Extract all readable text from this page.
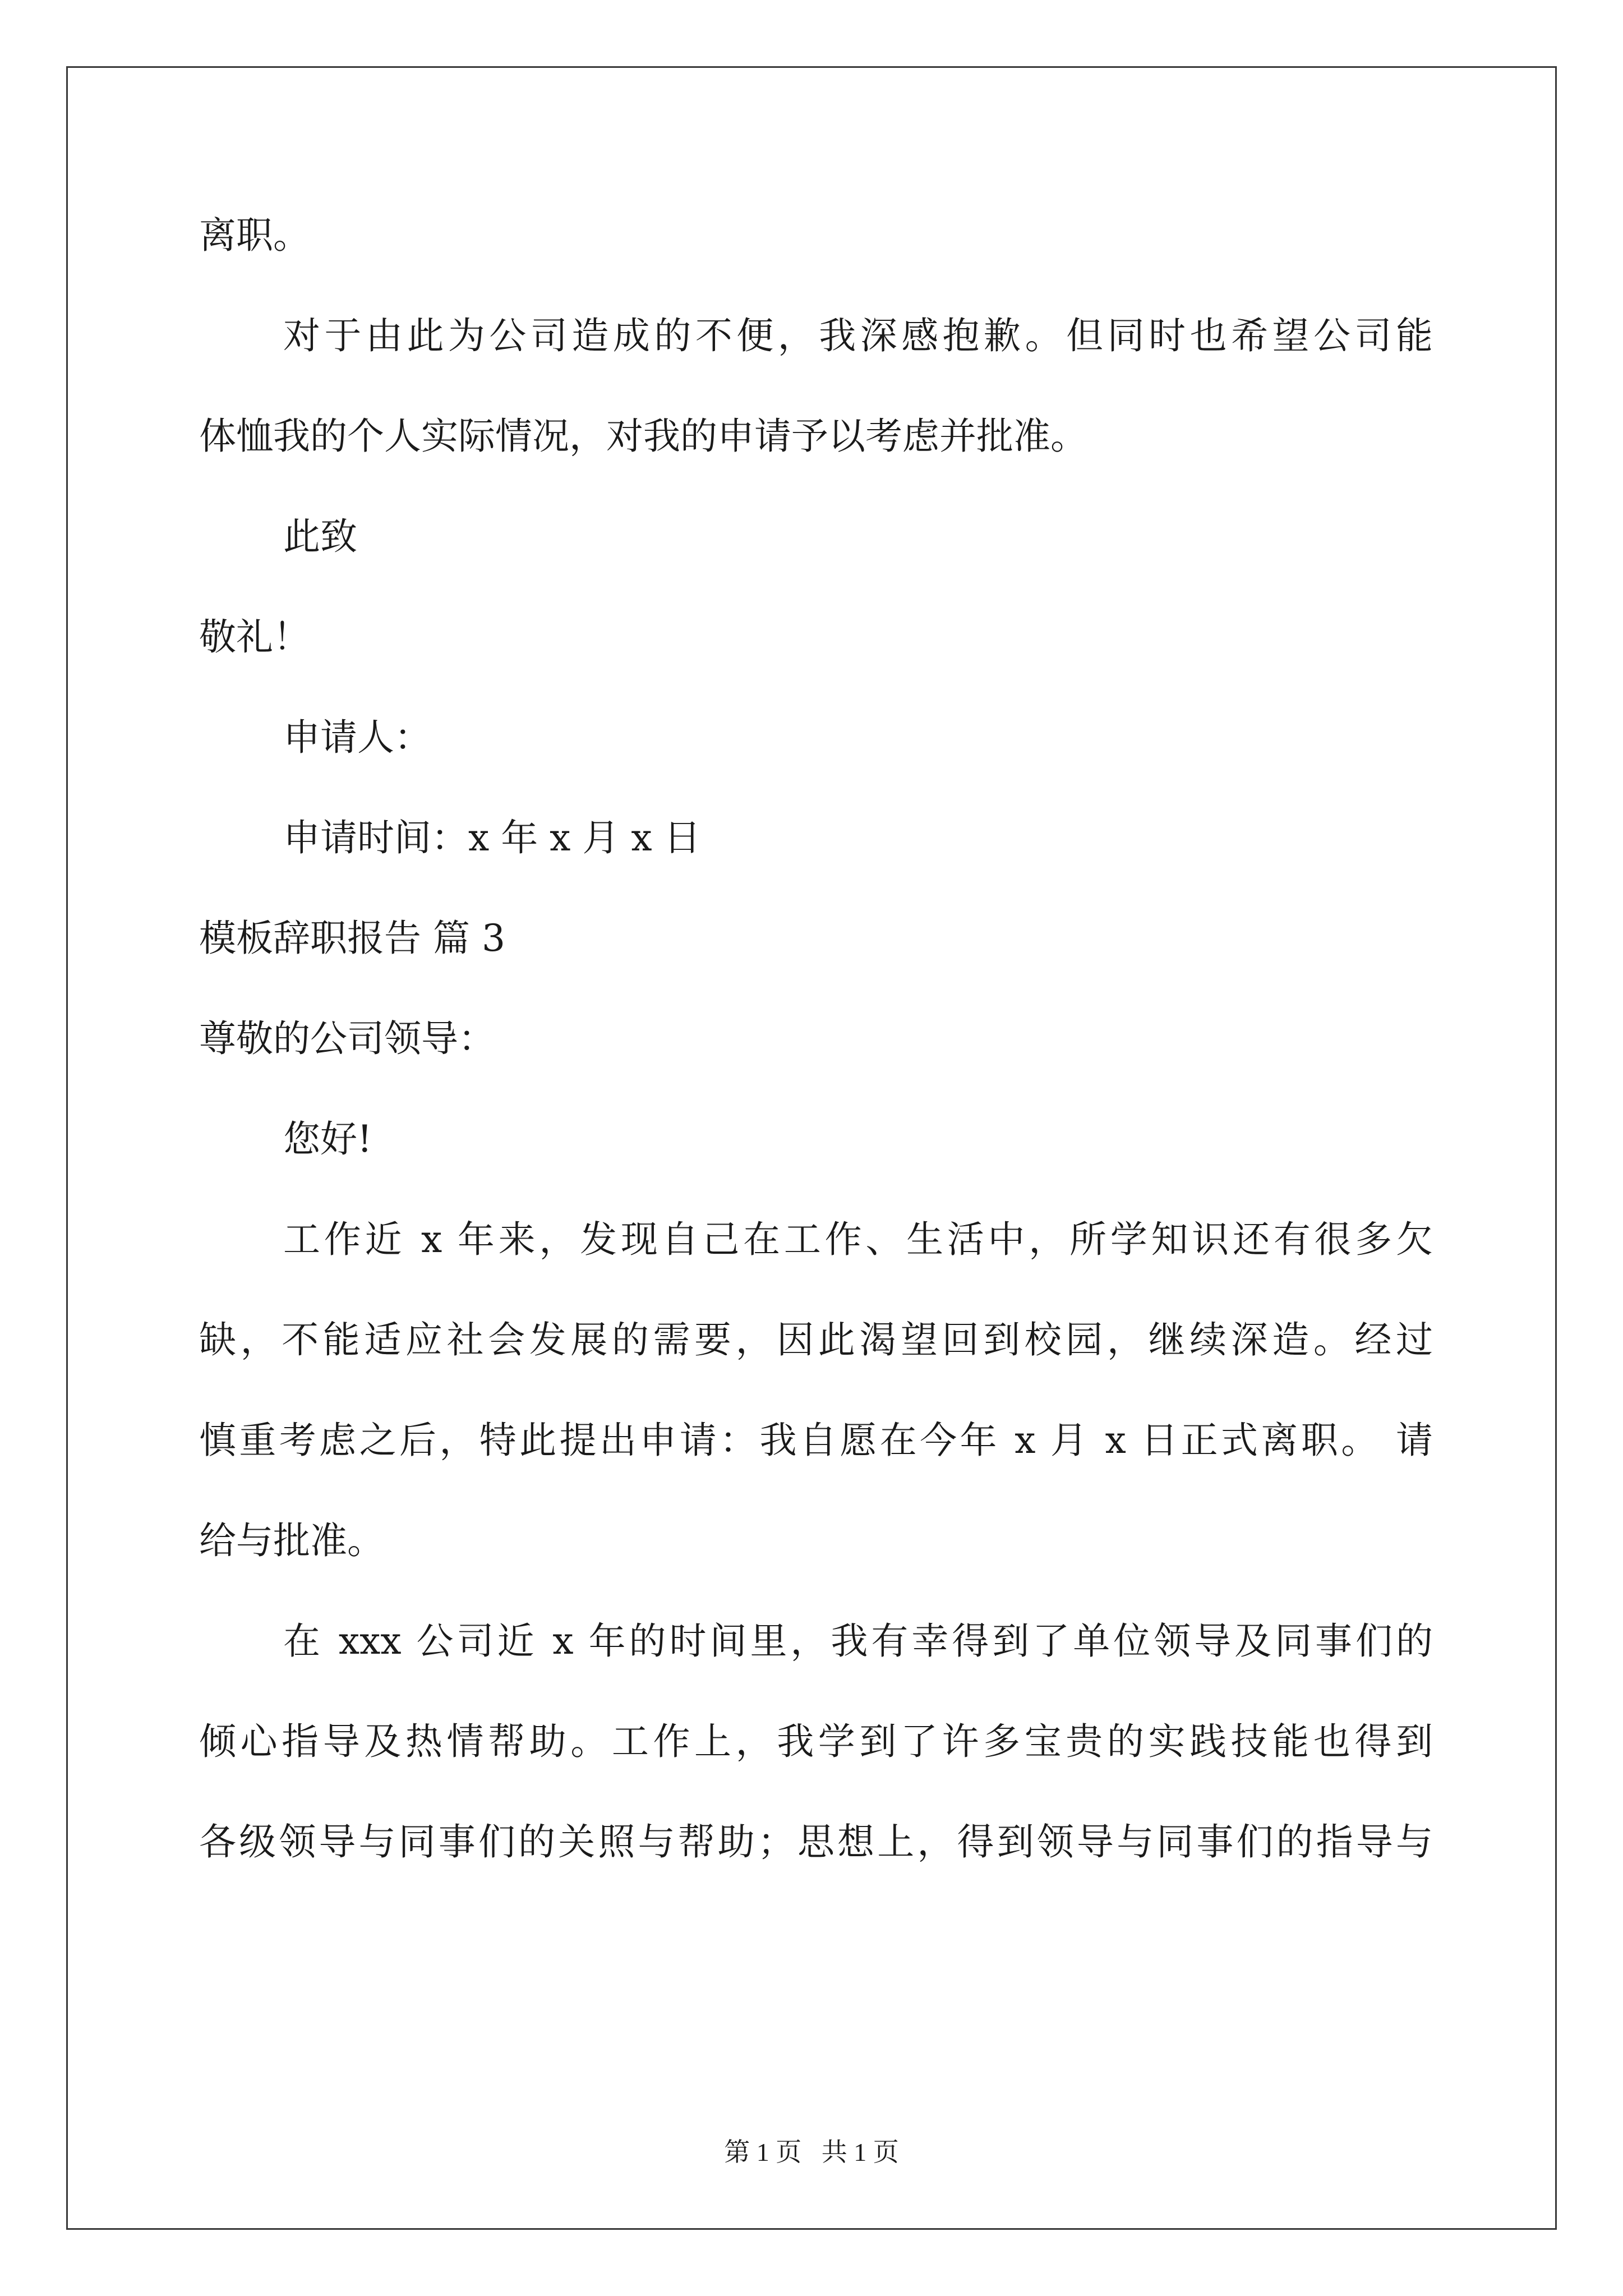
离职。
对于由此为公司造成的不便，我深感抱歉。但同时也希望公司能
体恤我的个人实际情况，对我的申请予以考虑并批准。
此致
敬礼！
申请人：
申请时间：x 年 x 月 x 日
模板辞职报告 篇 3
尊敬的公司领导：
您好!
工作近 x 年来，发现自己在工作、生活中，所学知识还有很多欠
缺，不能适应社会发展的需要，因此渴望回到校园，继续深造。经过
慎重考虑之后，特此提出申请：我自愿在今年 x 月 x 日正式离职。 请
给与批准。
在 xxx 公司近 x 年的时间里，我有幸得到了单位领导及同事们的
倾心指导及热情帮助。工作上，我学到了许多宝贵的实践技能也得到
各级领导与同事们的关照与帮助；思想上，得到领导与同事们的指导与
第 1 页 共 1 页
